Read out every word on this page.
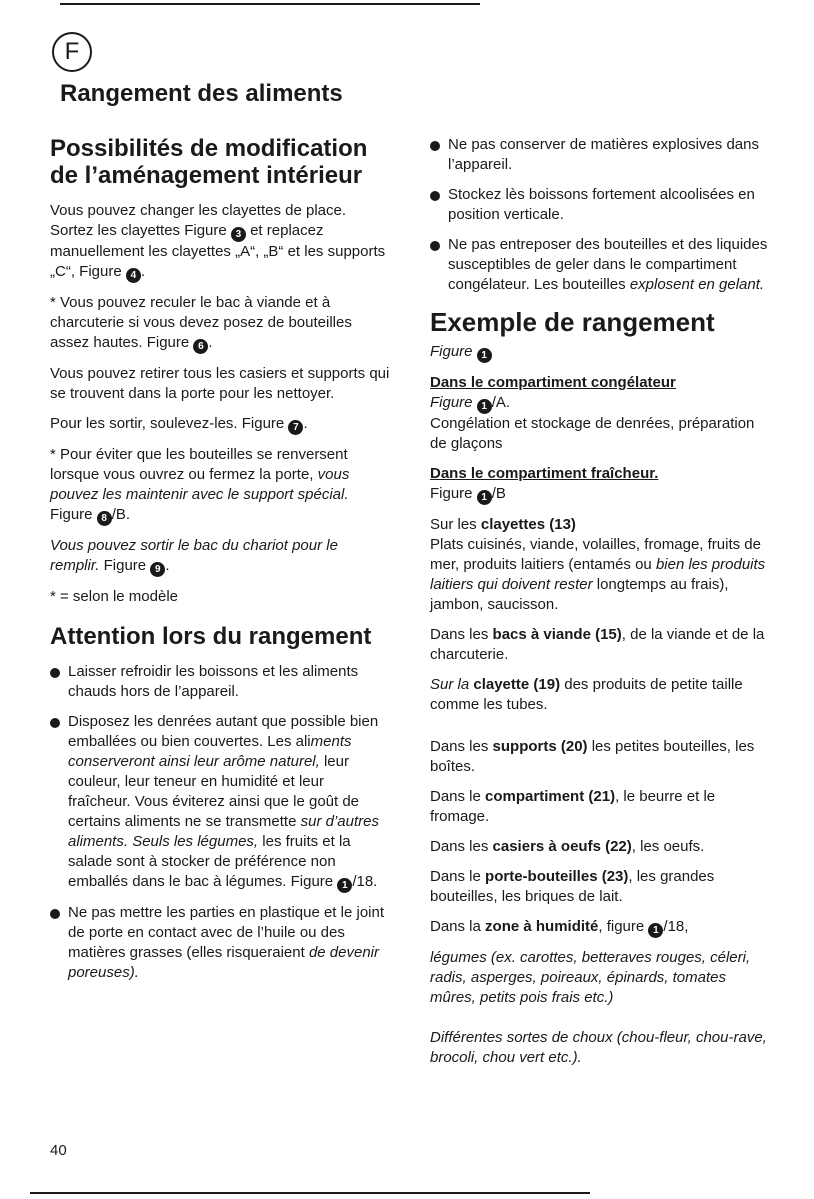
F
Rangement des aliments
Possibilités de modification de l’aménagement intérieur

Vous pouvez changer les clayettes de place. Sortez les clayettes Figure 3 et replacez manuellement les clayettes „A“, „B“ et les supports „C“, Figure 4 .

* Vous pouvez reculer le bac à viande et à charcuterie si vous devez posez de bouteilles assez hautes. Figure 6 .

Vous pouvez retirer tous les casiers et supports qui se trouvent dans la porte pour les nettoyer.

Pour les sortir, soulevez-les. Figure 7 .

* Pour éviter que les bouteilles se renversent lorsque vous ouvrez ou fermez la porte, vous pouvez les maintenir avec le support spécial. Figure 8 /B.

Vous pouvez sortir le bac du chariot pour le remplir. Figure 9 .

* = selon le modèle

Attention lors du rangement
Laisser refroidir les boissons et les aliments chauds hors de l’appareil.
Disposez les denrées autant que possible bien emballées ou bien couvertes. Les aliments conserveront ainsi leur arôme naturel, leur couleur, leur teneur en humidité et leur fraîcheur. Vous éviterez ainsi que le goût de certains aliments ne se transmette sur d’autres aliments. Seuls les légumes, les fruits et la salade sont à stocker de préférence non emballés dans le bac à légumes. Figure 1 /18.
Ne pas mettre les parties en plastique et le joint de porte en contact avec de l’huile ou des matières grasses (elles risqueraient de devenir poreuses).
Ne pas conserver de matières explosives dans l’appareil.
Stockez lès boissons fortement alcoolisées en position verticale.
Ne pas entreposer des bouteilles et des liquides susceptibles de geler dans le compartiment congélateur. Les bouteilles explosent en gelant.
Exemple de rangement

Figure 1

Dans le compartiment congélateur
Figure 1 /A.
Congélation et stockage de denrées, préparation de glaçons

Dans le compartiment fraîcheur.
Figure 1 /B

Sur les clayettes (13)
Plats cuisinés, viande, volailles, fromage, fruits de mer, produits laitiers (entamés ou bien les produits laitiers qui doivent rester longtemps au frais), jambon, saucisson.

Dans les bacs à viande (15), de la viande et de la charcuterie.

Sur la clayette (19) des produits de petite taille comme les tubes.

Dans les supports (20) les petites bouteilles, les boîtes.

Dans le compartiment (21), le beurre et le fromage.

Dans les casiers à oeufs (22), les oeufs.

Dans le porte-bouteilles (23), les grandes bouteilles, les briques de lait.

Dans la zone à humidité, figure 1 /18,

légumes (ex. carottes, betteraves rouges, céleri, radis, asperges, poireaux, épinards, tomates mûres, petits pois frais etc.)

Différentes sortes de choux (chou-fleur, chou-rave, brocoli, chou vert etc.).

40
